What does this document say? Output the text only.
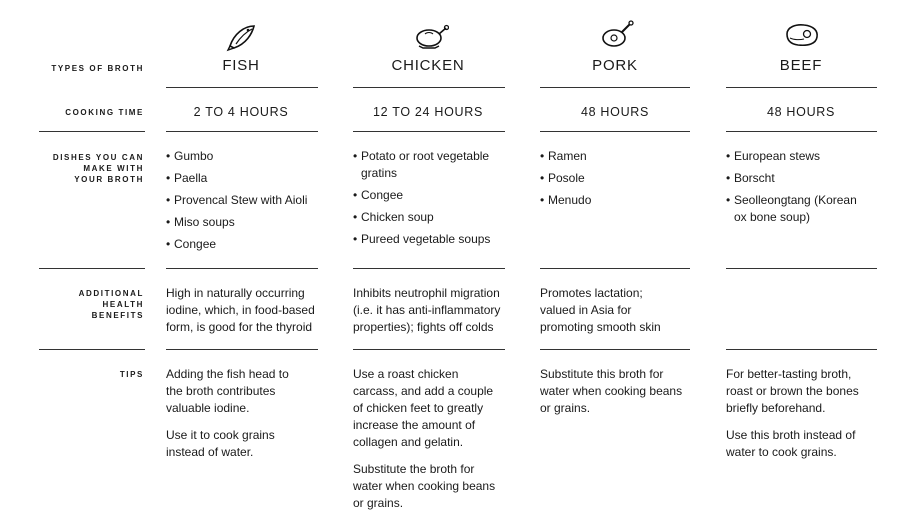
TYPES OF BROTH
COOKING TIME
DISHES YOU CAN
MAKE WITH
YOUR BROTH
ADDITIONAL
HEALTH
BENEFITS
TIPS
FISH
2 TO 4 HOURS
• Gumbo
• Paella
• Provencal Stew with Aioli
• Miso soups
• Congee
High in naturally occurring iodine, which, in food-based form, is good for the thyroid

Adding the fish head to the broth contributes valuable iodine.

Use it to cook grains instead of water.

CHICKEN
12 TO 24 HOURS
• Potato or root vegetable gratins
• Congee
• Chicken soup
• Pureed vegetable soups
Inhibits neutrophil migration (i.e. it has anti-inflammatory properties); fights off colds

Use a roast chicken carcass, and add a couple of chicken feet to greatly increase the amount of collagen and gelatin.

Substitute the broth for water when cooking beans or grains.

PORK
48 HOURS
• Ramen
• Posole
• Menudo
Promotes lactation; valued in Asia for promoting smooth skin

Substitute this broth for water when cooking beans or grains.

BEEF
48 HOURS
• European stews
• Borscht
• Seolleongtang (Korean ox bone soup)

For better-tasting broth, roast or brown the bones briefly beforehand.

Use this broth instead of water to cook grains.
